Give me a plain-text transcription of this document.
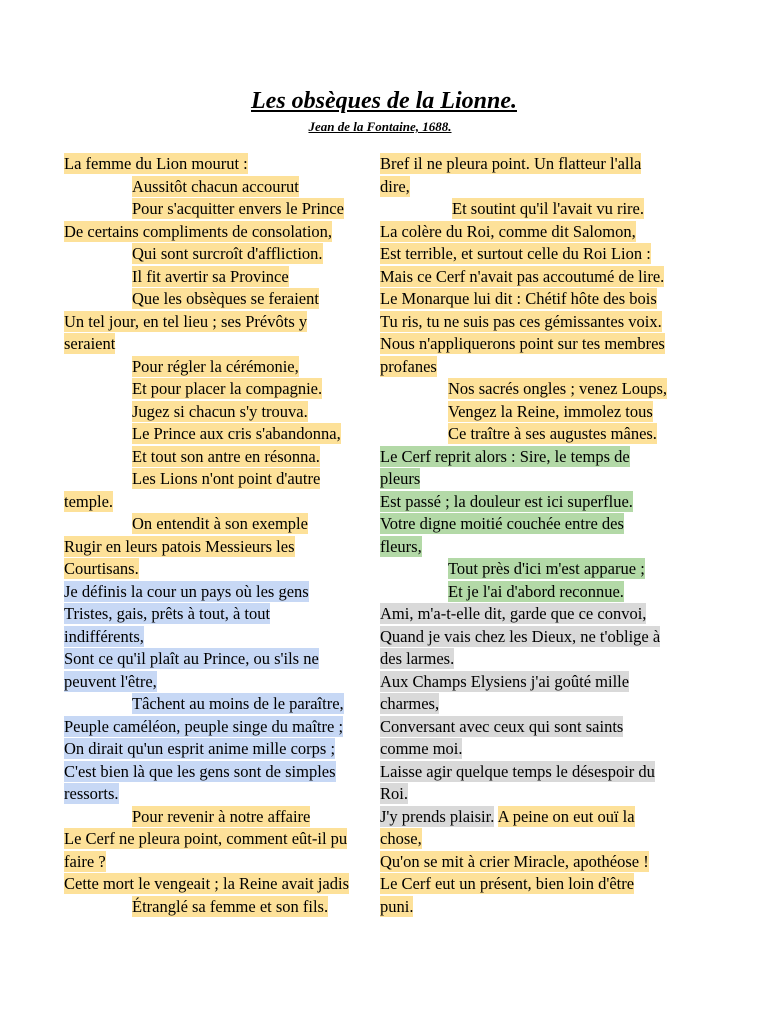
Les obsèques de la Lionne.
Jean de la Fontaine, 1688.
La femme du Lion mourut :
Aussitôt chacun accourut
Pour s'acquitter envers le Prince
De certains compliments de consolation,
Qui sont surcroît d'affliction.
Il fit avertir sa Province
Que les obsèques se feraient
Un tel jour, en tel lieu ; ses Prévôts y
seraient
Pour régler la cérémonie,
Et pour placer la compagnie.
Jugez si chacun s'y trouva.
Le Prince aux cris s'abandonna,
Et tout son antre en résonna.
Les Lions n'ont point d'autre
temple.
On entendit à son exemple
Rugir en leurs patois Messieurs les
Courtisans.
Je définis la cour un pays où les gens
Tristes, gais, prêts à tout, à tout
indifférents,
Sont ce qu'il plaît au Prince, ou s'ils ne
peuvent l'être,
Tâchent au moins de le paraître,
Peuple caméléon, peuple singe du maître ;
On dirait qu'un esprit anime mille corps ;
C'est bien là que les gens sont de simples
ressorts.
Pour revenir à notre affaire
Le Cerf ne pleura point, comment eût-il pu
faire ?
Cette mort le vengeait ; la Reine avait jadis
Étranglé sa femme et son fils.
Bref il ne pleura point. Un flatteur l'alla
dire,
Et soutint qu'il l'avait vu rire.
La colère du Roi, comme dit Salomon,
Est terrible, et surtout celle du Roi Lion :
Mais ce Cerf n'avait pas accoutumé de lire.
Le Monarque lui dit : Chétif hôte des bois
Tu ris, tu ne suis pas ces gémissantes voix.
Nous n'appliquerons point sur tes membres
profanes
Nos sacrés ongles ; venez Loups,
Vengez la Reine, immolez tous
Ce traître à ses augustes mânes.
Le Cerf reprit alors : Sire, le temps de
pleurs
Est passé ; la douleur est ici superflue.
Votre digne moitié couchée entre des
fleurs,
Tout près d'ici m'est apparue ;
Et je l'ai d'abord reconnue.
Ami, m'a-t-elle dit, garde que ce convoi,
Quand je vais chez les Dieux, ne t'oblige à
des larmes.
Aux Champs Elysiens j'ai goûté mille
charmes,
Conversant avec ceux qui sont saints
comme moi.
Laisse agir quelque temps le désespoir du
Roi.
J'y prends plaisir. A peine on eut ouï la
chose,
Qu'on se mit à crier Miracle, apothéose !
Le Cerf eut un présent, bien loin d'être
puni.
